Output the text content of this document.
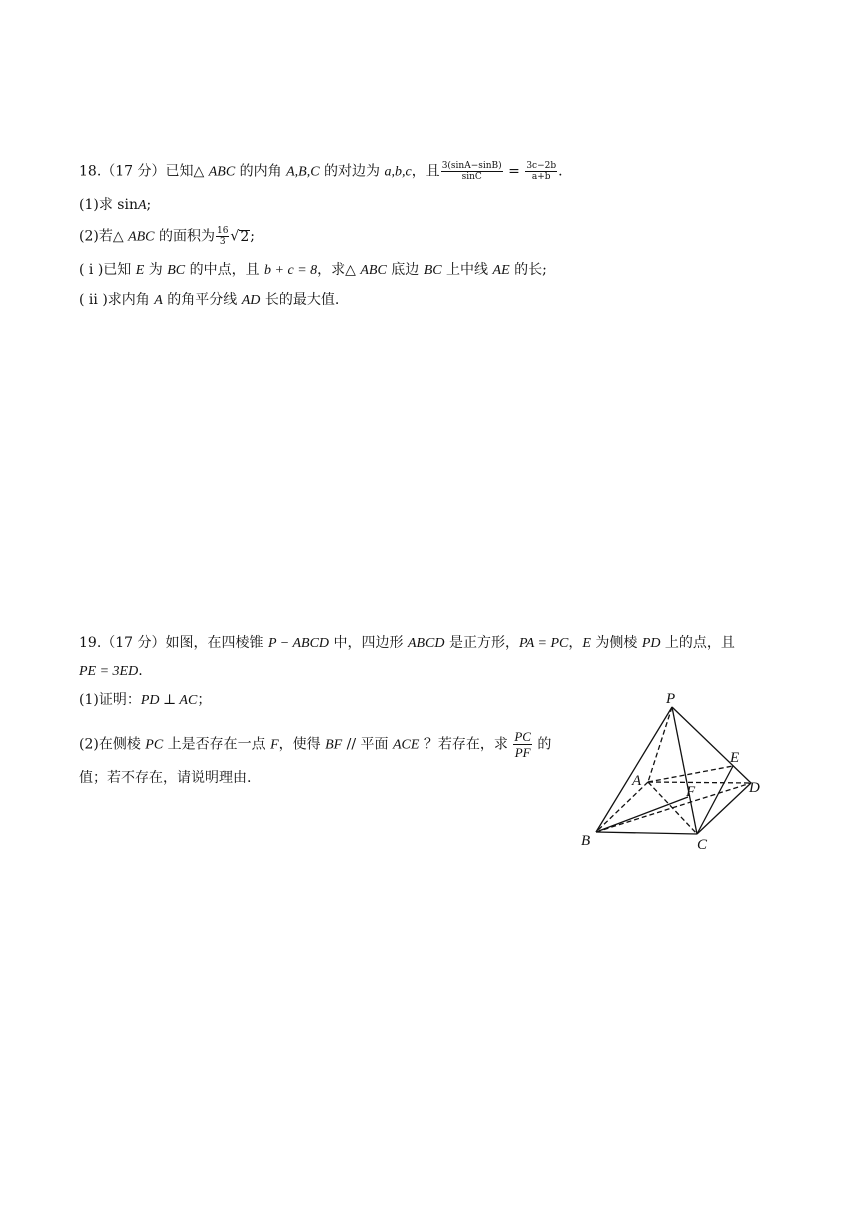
18.（17 分）已知△ ABC 的内角 A,B,C 的对边为 a,b,c，且 $\frac{3(\sin A-\sin B)}{\sin C} = \frac{3c-2b}{a+b}$ .
(1)求 sinA;
(2)若△ ABC 的面积为 $\frac{16}{3} √2$;
( ⅰ )已知 E 为 BC 的中点，且 b + c = 8，求△ ABC 底边 BC 上中线 AE 的长;
( ⅱ )求内角 A 的角平分线 AD 长的最大值.
19.（17 分）如图，在四棱锥 P − ABCD 中，四边形 ABCD 是正方形，PA = PC，E 为侧棱 PD 上的点，且
PE = 3ED.
(1)证明：PD ⊥ AC；
(2)在侧棱 PC 上是否存在一点 F，使得 BF // 平面 ACE ？若存在，求 $\frac{PC}{PF}$ 的
值；若不存在，请说明理由.
P
E
A
F	D
B	C
